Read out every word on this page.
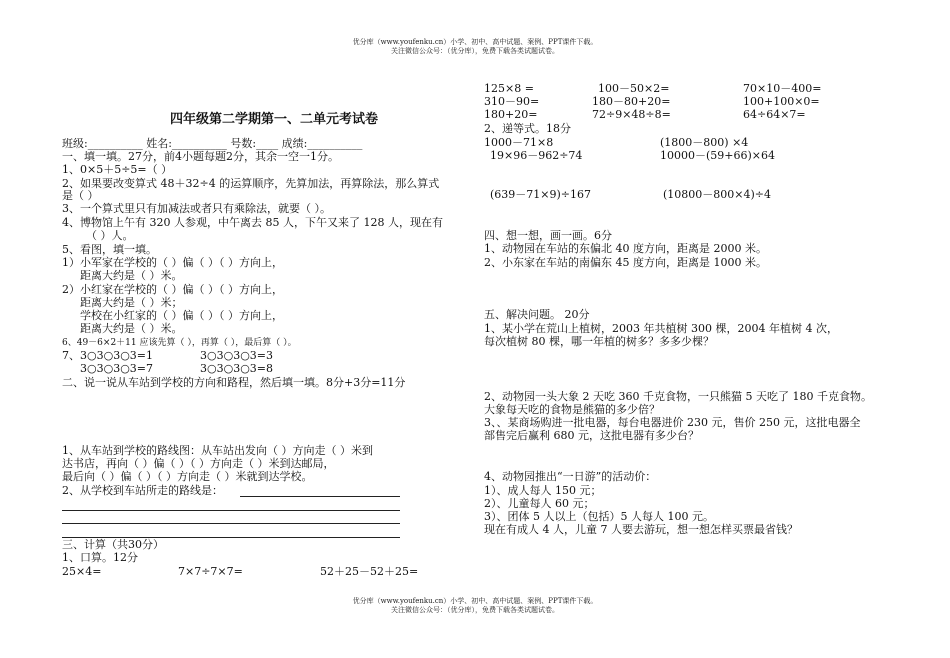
优分库（www.youfenku.cn）小学、初中、高中试题、案例、PPT课件下载。
关注微信公众号：（优分库），免费下载各类试题试卷。
四年级第二学期第一、二单元考试卷
班级:__________ 姓名:__________ 号数:____ 成绩:__________
一、填一填。27分，前4小题每题2分，其余一空一1分。
1、0×5＋5÷5=（ ）
2、如果要改变算式 48＋32÷4 的运算顺序，先算加法，再算除法，那么算式
是（ ）
3、一个算式里只有加减法或者只有乘除法，就要（ ）。
4、博物馆上午有 320 人参观，中午离去 85 人，下午又来了 128 人，现在有
（ ）人。
5、看图，填一填。
1）小军家在学校的（ ）偏（ ）（ ）方向上，
距离大约是（ ）米。
2）小红家在学校的（ ）偏（ ）（ ）方向上，
距离大约是（ ）米；
学校在小红家的（ ）偏（ ）（ ）方向上，
距离大约是（ ）米。
6、49－6×2＋11 应该先算（ ），再算（ ），最后算（ ）。
7、3○3○3○3=1	3○3○3○3=3
3○3○3○3=7	3○3○3○3=8
二、说一说从车站到学校的方向和路程，然后填一填。8分+3分=11分
1、从车站到学校的路线图：从车站出发向（ ）方向走（ ）米到
达书店，再向（ ）偏（ ）（ ）方向走（ ）米到达邮局，
最后向（ ）偏（ ）（ ）方向走（ ）米就到达学校。
2、从学校到车站所走的路线是：
三、计算（共30分）
1、口算。12分
25×4=	7×7÷7×7=	52＋25－52＋25=
125×8 =	100－50×2=	70×10－400=
310－90=	180－80+20=	100+100×0=
180+20=	72÷9×48÷8=	64÷64×7=
2、递等式。18分
1000－71×8	(1800－800) ×4
19×96－962÷74	10000－(59+66)×64
(639－71×9)÷167	(10800－800×4)÷4
四、想一想，画一画。6分
1、动物园在车站的东偏北 40 度方向，距离是 2000 米。
2、小东家在车站的南偏东 45 度方向，距离是 1000 米。
五、解决问题。 20分
1、某小学在荒山上植树，2003 年共植树 300 棵，2004 年植树 4 次，
每次植树 80 棵，哪一年植的树多？多多少棵？
2、动物园一头大象 2 天吃 360 千克食物，一只熊猫 5 天吃了 180 千克食物。
大象每天吃的食物是熊猫的多少倍？
3、、某商场购进一批电器，每台电器进价 230 元，售价 250 元，这批电器全
部售完后赢利 680 元，这批电器有多少台？
4、动物园推出“一日游”的活动价：
1）、成人每人 150 元；
2）、儿童每人 60 元；
3）、团体 5 人以上（包括）5 人每人 100 元。
现在有成人 4 人，儿童 7 人要去游玩，想一想怎样买票最省钱？
优分库（www.youfenku.cn）小学、初中、高中试题、案例、PPT课件下载。
关注微信公众号：（优分库），免费下载各类试题试卷。
